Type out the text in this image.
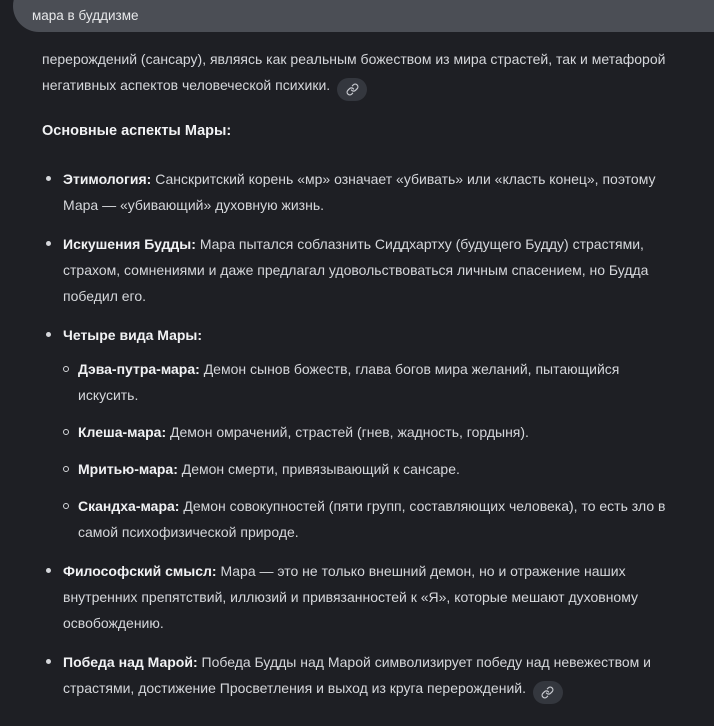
мара в буддизме

перерождений (сансару), являясь как реальным божеством из мира страстей, так и метафорой негативных аспектов человеческой психики.

Основные аспекты Мары:
Этимология: Санскритский корень «мр» означает «убивать» или «класть конец», поэтому Мара — «убивающий» духовную жизнь.
Искушения Будды: Мара пытался соблазнить Сиддхартху (будущего Будду) страстями, страхом, сомнениями и даже предлагал удовольствоваться личным спасением, но Будда победил его.
Четыре вида Мары:
Дэва-путра-мара: Демон сынов божеств, глава богов мира желаний, пытающийся искусить.
Клеша-мара: Демон омрачений, страстей (гнев, жадность, гордыня).
Мритью-мара: Демон смерти, привязывающий к сансаре.
Скандха-мара: Демон совокупностей (пяти групп, составляющих человека), то есть зло в самой психофизической природе.
Философский смысл: Мара — это не только внешний демон, но и отражение наших внутренних препятствий, иллюзий и привязанностей к «Я», которые мешают духовному освобождению.
Победа над Марой: Победа Будды над Марой символизирует победу над невежеством и страстями, достижение Просветления и выход из круга перерождений.
